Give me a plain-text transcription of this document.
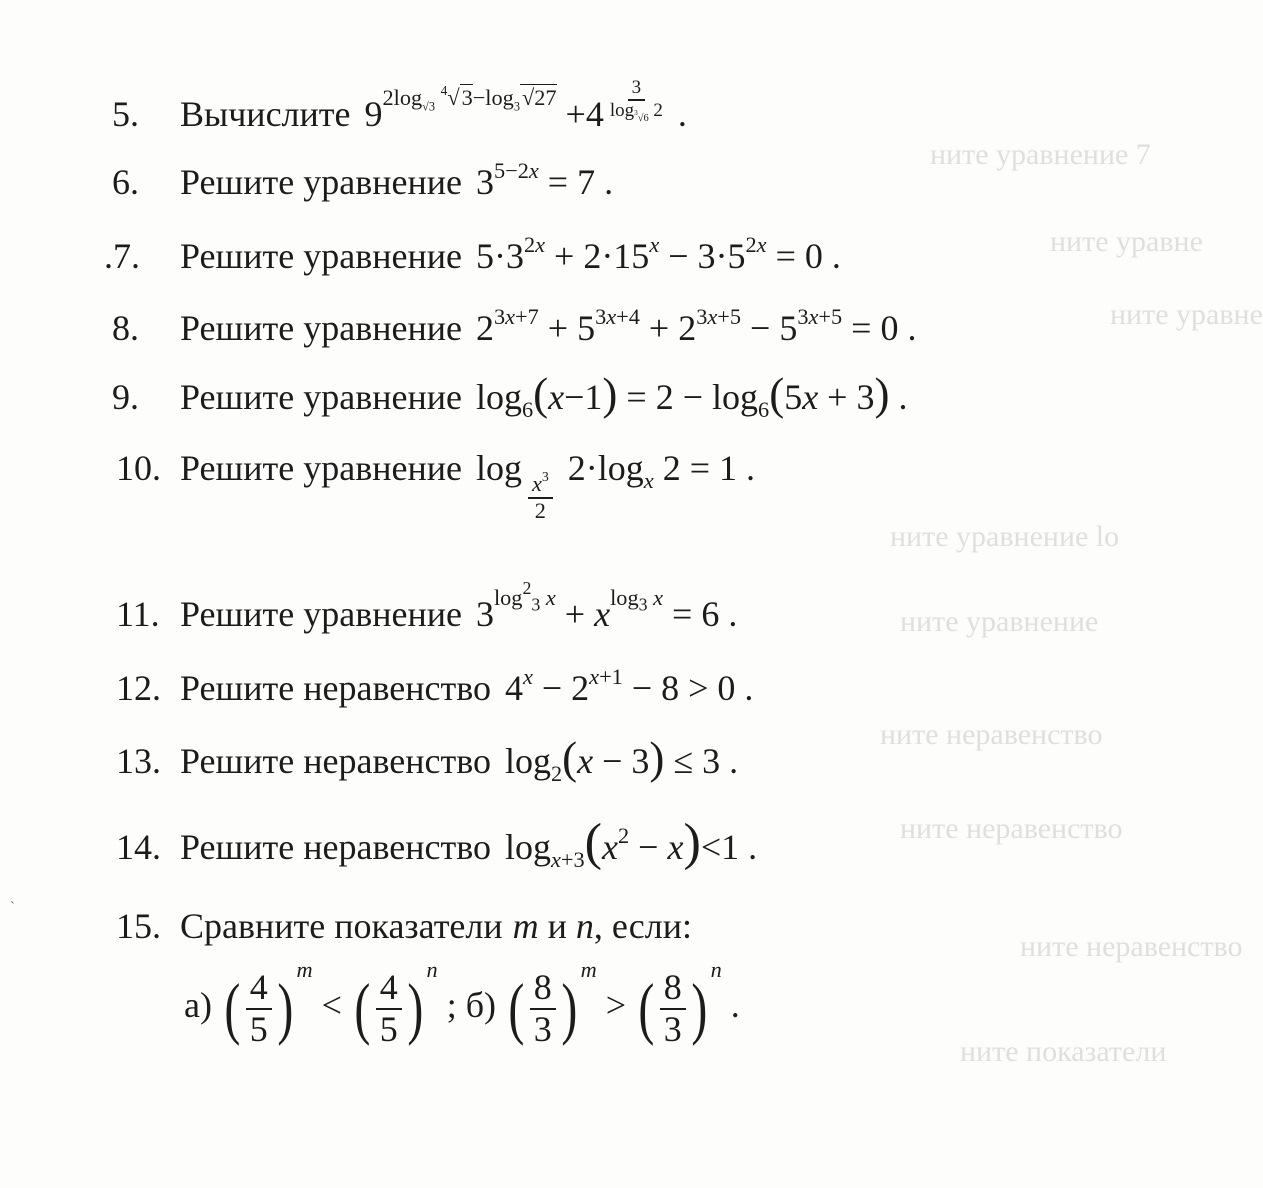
ните уравнение 7
ните уравне
ните уравне
ните уравнение lo
ните уравнение
ните неравенство
ните неравенство
ните неравенство
ните показатели
`
5. Вычислите $9^{2log_{√3} ^4√3-log_3√27} +4$ $^{\frac{3}{\log_{^3√6} 2}}$ .
6. Решите уравнение $3^{5-2x} = 7$ .
.7. Решите уравнение $5\cdot 3^{2x} + 2\cdot 15^x - 3\cdot 5^{2x} = 0$ .
8. Решите уравнение $2^{3x+7} + 5^{3x+4} + 2^{3x+5} - 5^{3x+5} = 0$ .
9. Решите уравнение $\log_6(x-1) = 2 - \log_6(5x + 3)$ .
10. Решите уравнение log
$\frac{x^3}{2}$
$2\cdot\log_x$ 2 = 1 .
11. Решите уравнение $3^{log^2_3 x} + x^{log_3 x} = 6$ .
12. Решите неравенство $4^x - 2^{x+1} - 8 > 0$ .
13. Решите неравенство $\log_2(x - 3) \le 3$ .
14. Решите неравенство $\log_{x+3}(x^2 - x)<1$ .
15. Сравните показатели m и n, если:
а) ( $\frac{4}{5} )^m$ < ( $\frac{4}{5} )^n$ ; б) ( $\frac{8}{3} )^m$ > ( $\frac{8}{3} )^n$ .
